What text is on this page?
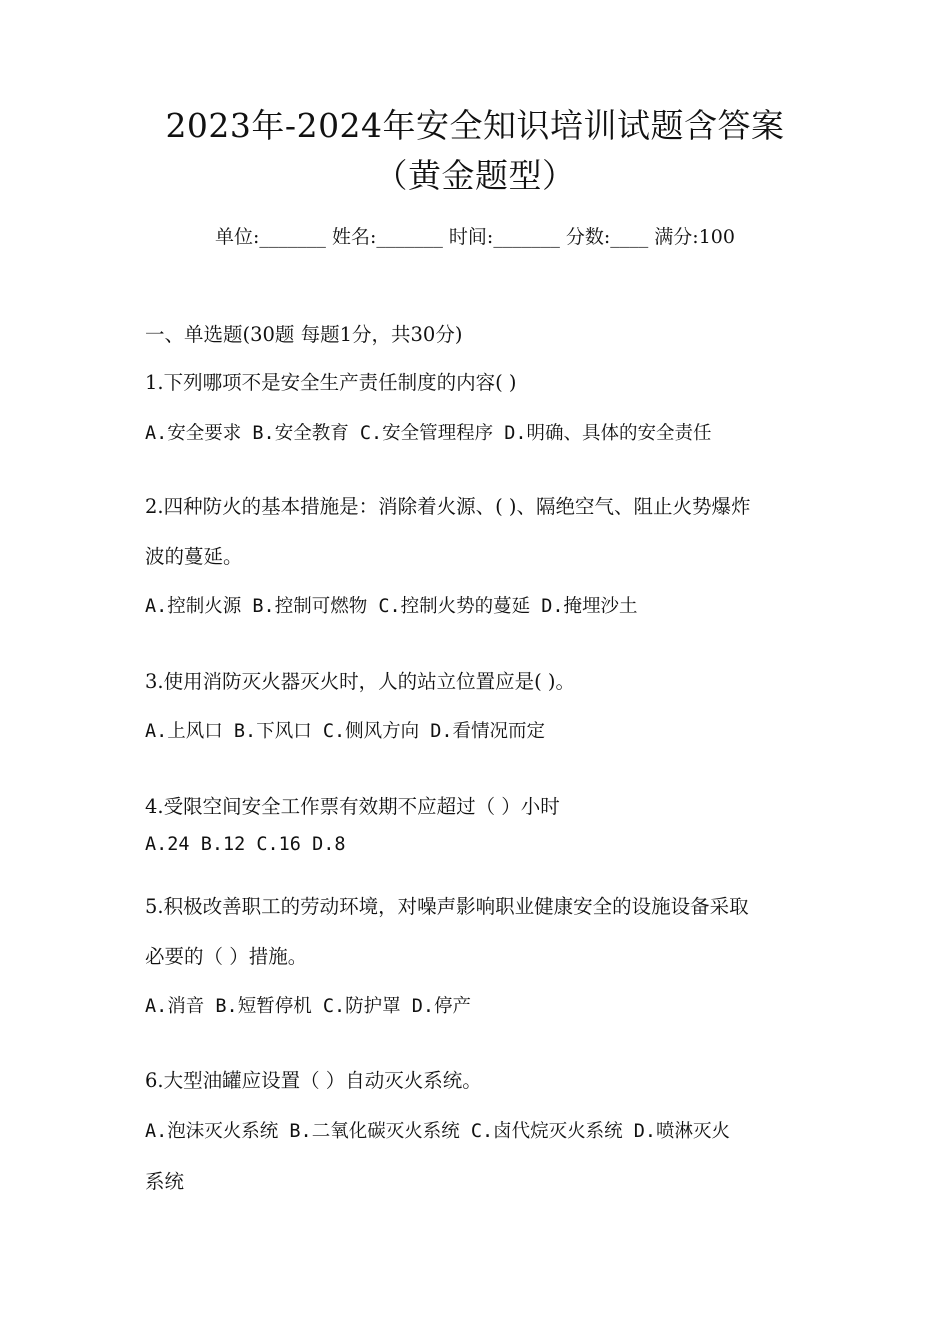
2023年-2024年安全知识培训试题含答案
（黄金题型）
单位:_______ 姓名:_______ 时间:_______ 分数:____ 满分:100
一、单选题(30题 每题1分，共30分)
1.下列哪项不是安全生产责任制度的内容( )
A.安全要求 B.安全教育 C.安全管理程序 D.明确、具体的安全责任
2.四种防火的基本措施是：消除着火源、( )、隔绝空气、阻止火势爆炸
波的蔓延。
A.控制火源 B.控制可燃物 C.控制火势的蔓延 D.掩埋沙土
3.使用消防灭火器灭火时，人的站立位置应是( )。
A.上风口 B.下风口 C.侧风方向 D.看情况而定
4.受限空间安全工作票有效期不应超过（ ）小时
A.24 B.12 C.16 D.8
5.积极改善职工的劳动环境，对噪声影响职业健康安全的设施设备采取
必要的（ ）措施。
A.消音 B.短暂停机 C.防护罩 D.停产
6.大型油罐应设置（ ）自动灭火系统。
A.泡沫灭火系统 B.二氧化碳灭火系统 C.卤代烷灭火系统 D.喷淋灭火
系统
